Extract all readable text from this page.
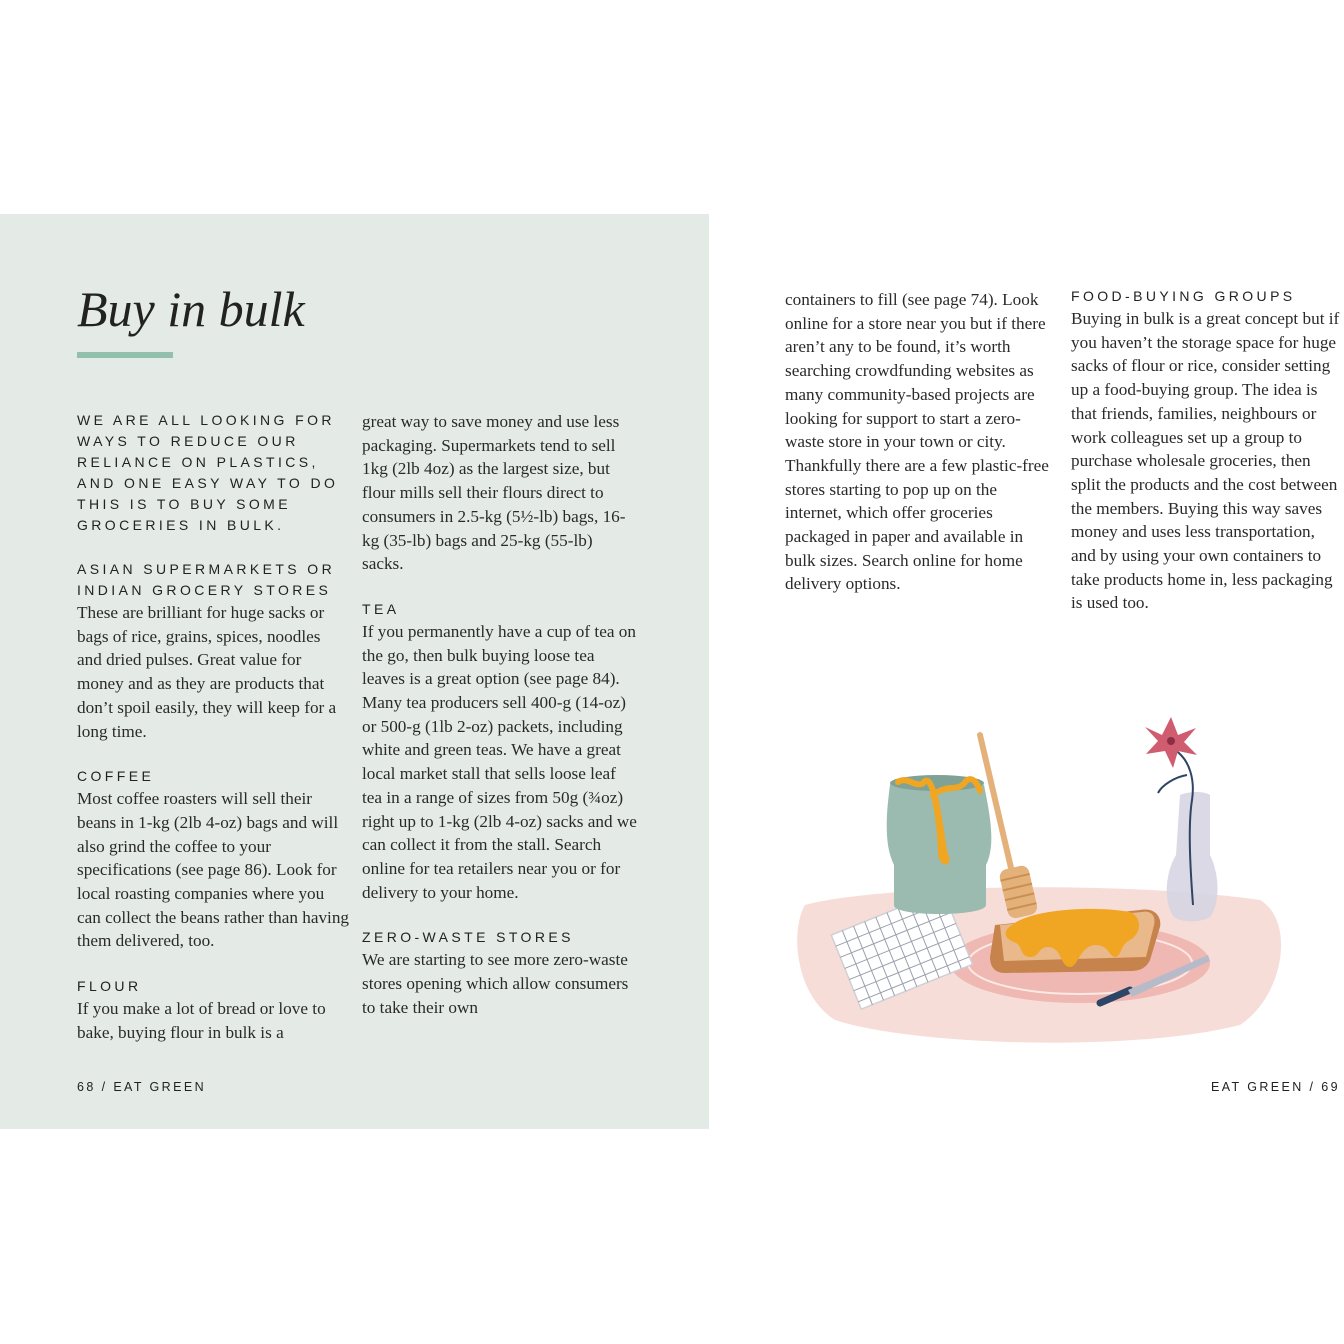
Buy in bulk

WE ARE ALL LOOKING FOR WAYS TO REDUCE OUR RELIANCE ON PLASTICS, AND ONE EASY WAY TO DO THIS IS TO BUY SOME GROCERIES IN BULK.

ASIAN SUPERMARKETS OR INDIAN GROCERY STORES

These are brilliant for huge sacks or bags of rice, grains, spices, noodles and dried pulses. Great value for money and as they are products that don’t spoil easily, they will keep for a long time.

COFFEE

Most coffee roasters will sell their beans in 1-kg (2lb 4-oz) bags and will also grind the coffee to your specifications (see page 86). Look for local roasting companies where you can collect the beans rather than having them delivered, too.

FLOUR

If you make a lot of bread or love to bake, buying flour in bulk is a

great way to save money and use less packaging. Supermarkets tend to sell 1kg (2lb 4oz) as the largest size, but flour mills sell their flours direct to consumers in 2.5-kg (5½-lb) bags, 16-kg (35-lb) bags and 25-kg (55-lb) sacks.

TEA

If you permanently have a cup of tea on the go, then bulk buying loose tea leaves is a great option (see page 84). Many tea producers sell 400-g (14-oz) or 500-g (1lb 2-oz) packets, including white and green teas. We have a great local market stall that sells loose leaf tea in a range of sizes from 50g (¾oz) right up to 1-kg (2lb 4-oz) sacks and we can collect it from the stall. Search online for tea retailers near you or for delivery to your home.

ZERO-WASTE STORES

We are starting to see more zero-waste stores opening which allow consumers to take their own

containers to fill (see page 74). Look online for a store near you but if there aren’t any to be found, it’s worth searching crowdfunding websites as many community-based projects are looking for support to start a zero-waste store in your town or city. Thankfully there are a few plastic-free stores starting to pop up on the internet, which offer groceries packaged in paper and available in bulk sizes. Search online for home delivery options.

FOOD-BUYING GROUPS

Buying in bulk is a great concept but if you haven’t the storage space for huge sacks of flour or rice, consider setting up a food-buying group. The idea is that friends, families, neighbours or work colleagues set up a group to purchase wholesale groceries, then split the products and the cost between the members. Buying this way saves money and uses less transportation, and by using your own containers to take products home in, less packaging is used too.

68 / EAT GREEN	EAT GREEN / 69
